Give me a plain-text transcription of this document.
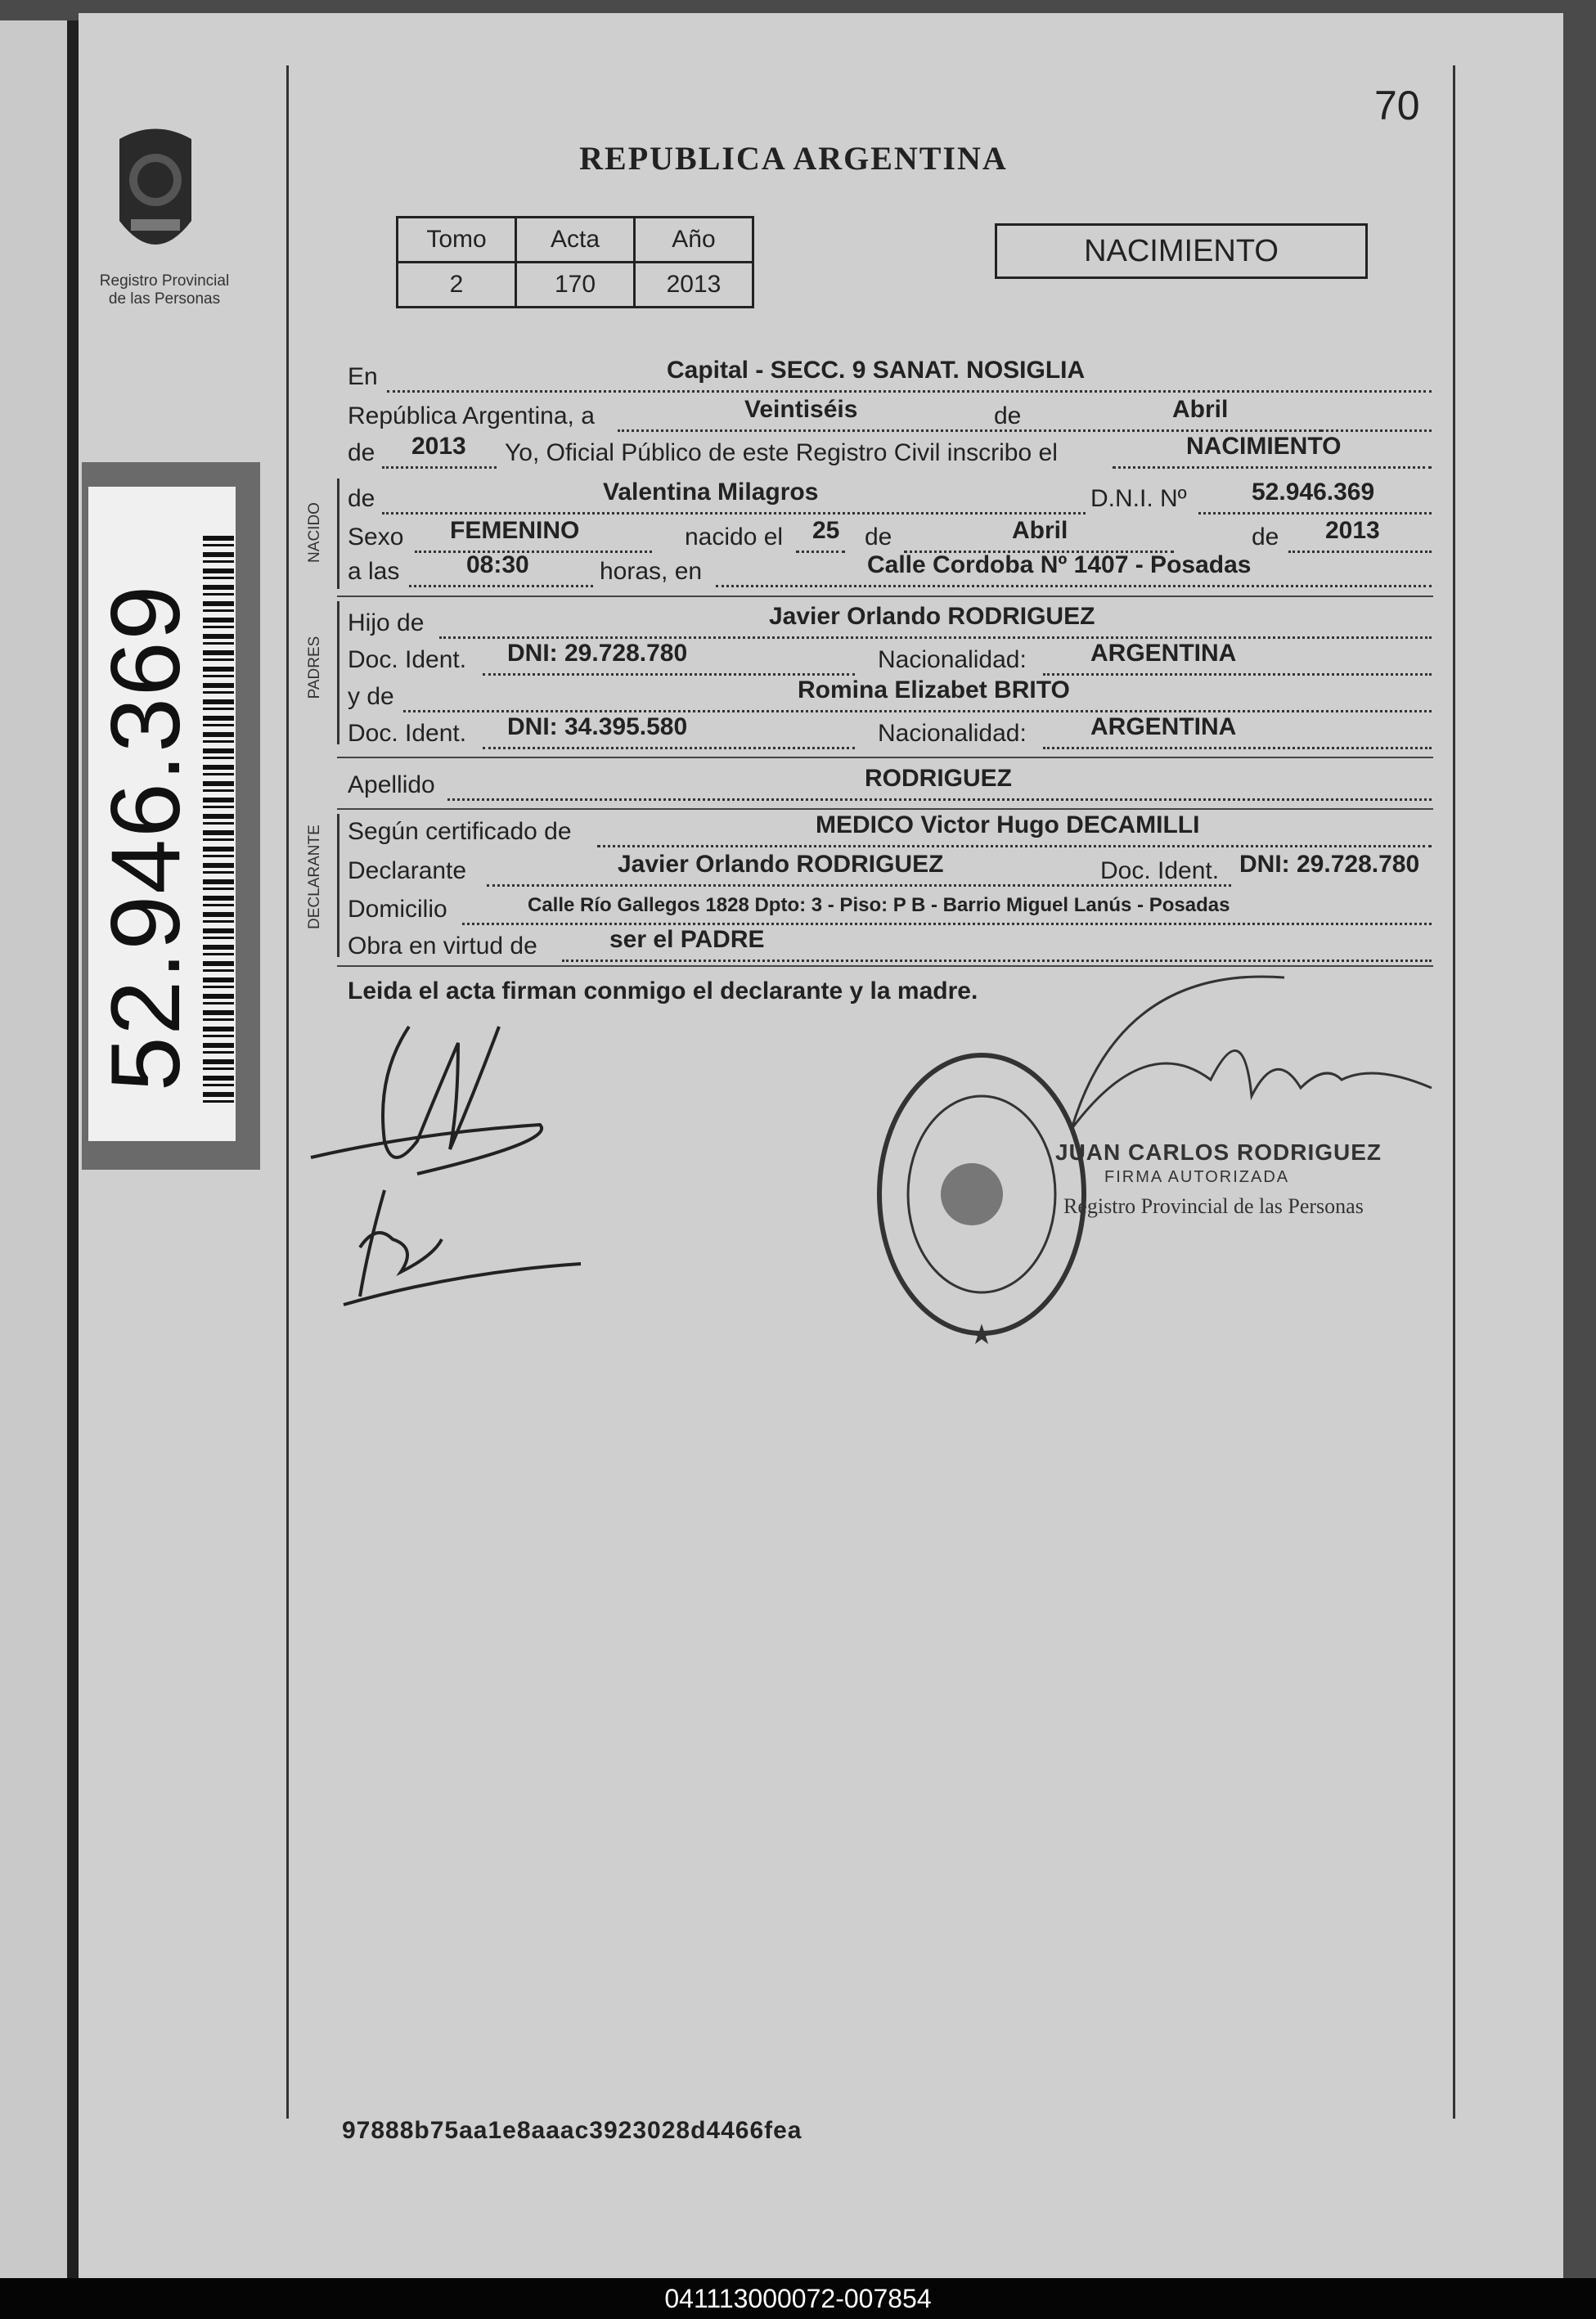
Registro Provincial
de las Personas
52.946.369
70
REPUBLICA ARGENTINA
Tomo	Acta	Año
2	170	2013
NACIMIENTO
En	Capital - SECC. 9 SANAT. NOSIGLIA
República Argentina, a	Veintiséis	de	Abril
de 2013 Yo, Oficial Público de este Registro Civil inscribo el	NACIMIENTO
NACIDO
de	Valentina Milagros	D.N.I. Nº	52.946.369
Sexo FEMENINO	nacido el 25 de	Abril	de 2013
a las	08:30	horas, en	Calle Cordoba Nº 1407 - Posadas
PADRES
Hijo de	Javier Orlando RODRIGUEZ
Doc. Ident. DNI: 29.728.780	Nacionalidad:	ARGENTINA
y de	Romina Elizabet BRITO
Doc. Ident. DNI: 34.395.580	Nacionalidad:	ARGENTINA
Apellido	RODRIGUEZ
DECLARANTE Según certificado de	MEDICO Victor Hugo DECAMILLI
Declarante	Javier Orlando RODRIGUEZ	Doc. Ident. DNI: 29.728.780
Domicilio	Calle Río Gallegos 1828 Dpto: 3 - Piso: P B - Barrio Miguel Lanús - Posadas
Obra en virtud de	ser el PADRE
Leida el acta firman conmigo el declarante y la madre.
★
JUAN CARLOS RODRIGUEZ
FIRMA AUTORIZADA
Registro Provincial de las Personas
97888b75aa1e8aaac3923028d4466fea
041113000072-007854
